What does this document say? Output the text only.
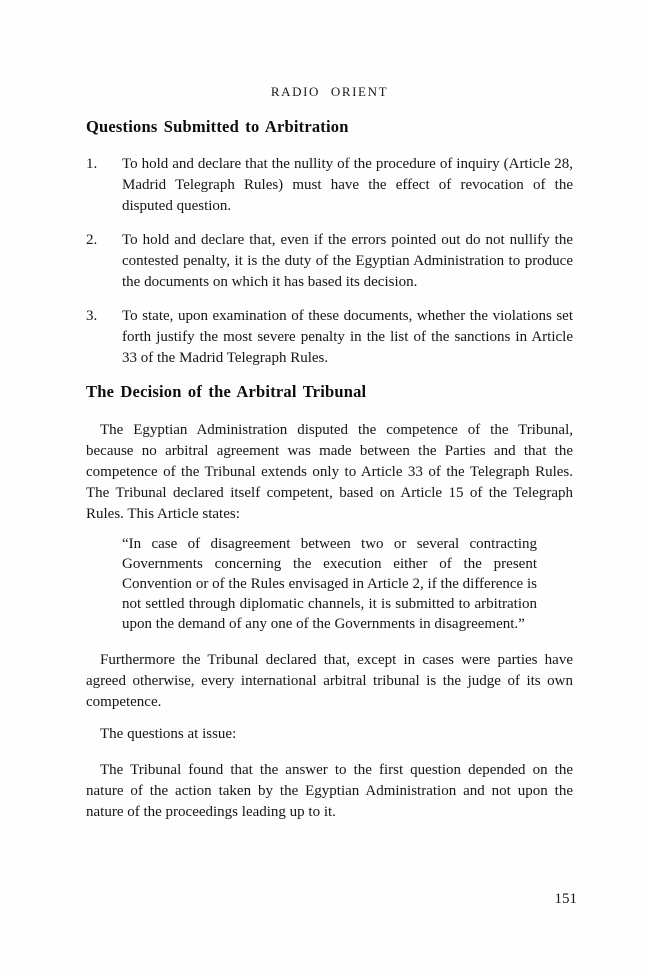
RADIO ORIENT
Questions Submitted to Arbitration
1.	To hold and declare that the nullity of the procedure of inquiry (Article 28, Madrid Telegraph Rules) must have the effect of revocation of the disputed question.
2.	To hold and declare that, even if the errors pointed out do not nullify the contested penalty, it is the duty of the Egyptian Administration to produce the documents on which it has based its decision.
3.	To state, upon examination of these documents, whether the violations set forth justify the most severe penalty in the list of the sanctions in Article 33 of the Madrid Telegraph Rules.
The Decision of the Arbitral Tribunal

The Egyptian Administration disputed the competence of the Tribunal, because no arbitral agreement was made between the Parties and that the competence of the Tribunal extends only to Article 33 of the Telegraph Rules. The Tribunal declared itself competent, based on Article 15 of the Telegraph Rules. This Article states:

“In case of disagreement between two or several contracting Governments concerning the execution either of the present Convention or of the Rules envisaged in Article 2, if the difference is not settled through diplomatic channels, it is submitted to arbitration upon the demand of any one of the Governments in disagreement.”

Furthermore the Tribunal declared that, except in cases were parties have agreed otherwise, every international arbitral tribunal is the judge of its own competence.

The questions at issue:

The Tribunal found that the answer to the first question depended on the nature of the action taken by the Egyptian Administration and not upon the nature of the proceedings leading up to it.

151
